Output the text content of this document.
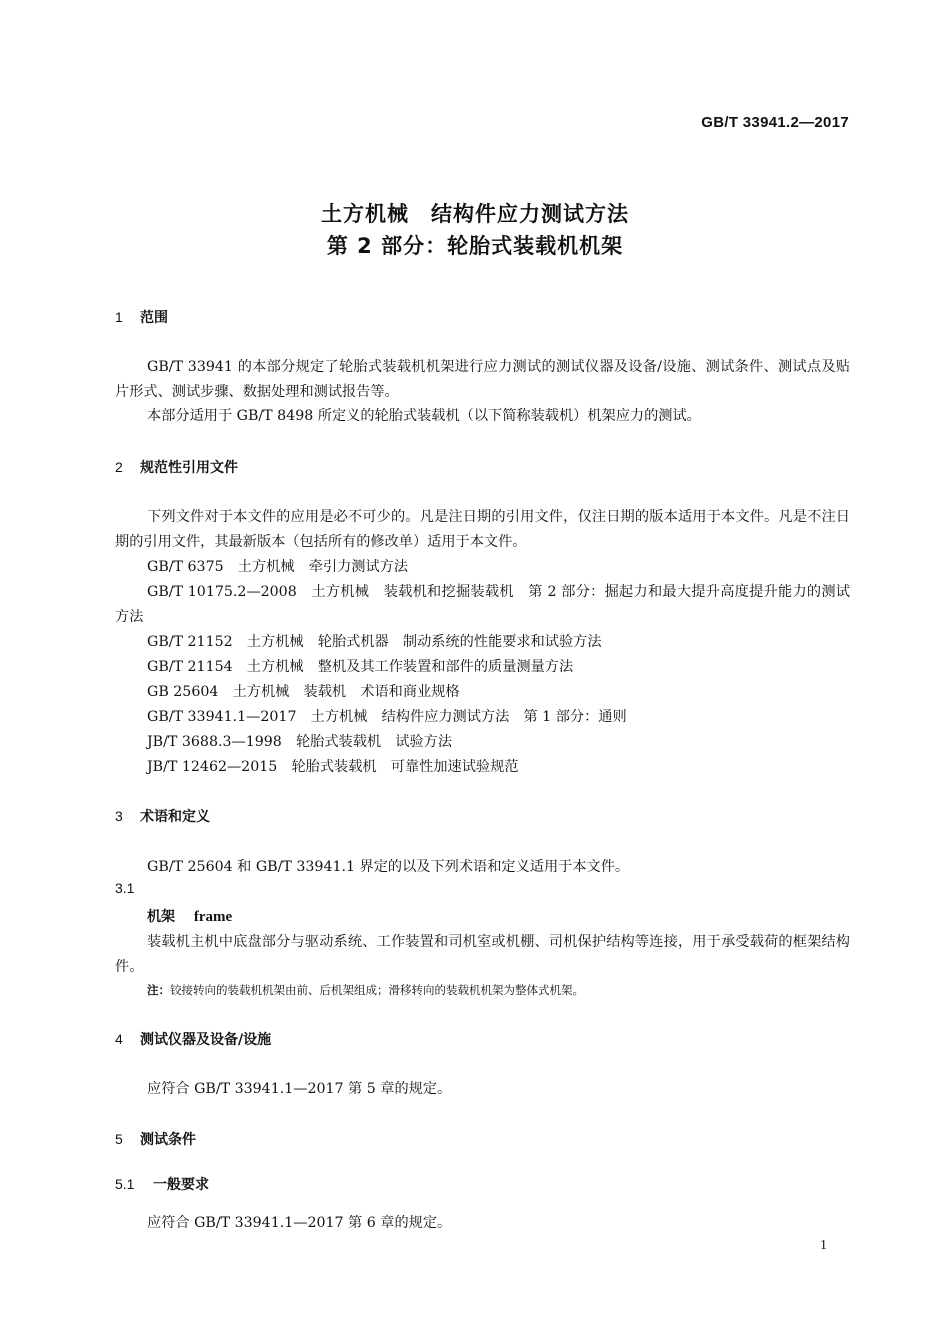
GB/T 33941.2—2017
土方机械　结构件应力测试方法
第 2 部分：轮胎式装载机机架
1 范围
GB/T 33941 的本部分规定了轮胎式装载机机架进行应力测试的测试仪器及设备/设施、测试条件、测试点及贴片形式、测试步骤、数据处理和测试报告等。
本部分适用于 GB/T 8498 所定义的轮胎式装载机（以下简称装载机）机架应力的测试。
2 规范性引用文件
下列文件对于本文件的应用是必不可少的。凡是注日期的引用文件，仅注日期的版本适用于本文件。凡是不注日期的引用文件，其最新版本（包括所有的修改单）适用于本文件。
GB/T 6375　土方机械　牵引力测试方法
GB/T 10175.2—2008　土方机械　装载机和挖掘装载机　第 2 部分：掘起力和最大提升高度提升能力的测试方法
GB/T 21152　土方机械　轮胎式机器　制动系统的性能要求和试验方法
GB/T 21154　土方机械　整机及其工作装置和部件的质量测量方法
GB 25604　土方机械　装载机　术语和商业规格
GB/T 33941.1—2017　土方机械　结构件应力测试方法　第 1 部分：通则
JB/T 3688.3—1998　轮胎式装载机　试验方法
JB/T 12462—2015　轮胎式装载机　可靠性加速试验规范
3 术语和定义
GB/T 25604 和 GB/T 33941.1 界定的以及下列术语和定义适用于本文件。
3.1
机架　 frame
装载机主机中底盘部分与驱动系统、工作装置和司机室或机棚、司机保护结构等连接，用于承受载荷的框架结构件。
注：铰接转向的装载机机架由前、后机架组成；滑移转向的装载机机架为整体式机架。
4 测试仪器及设备/设施
应符合 GB/T 33941.1—2017 第 5 章的规定。
5 测试条件
5.1 一般要求
应符合 GB/T 33941.1—2017 第 6 章的规定。
1
